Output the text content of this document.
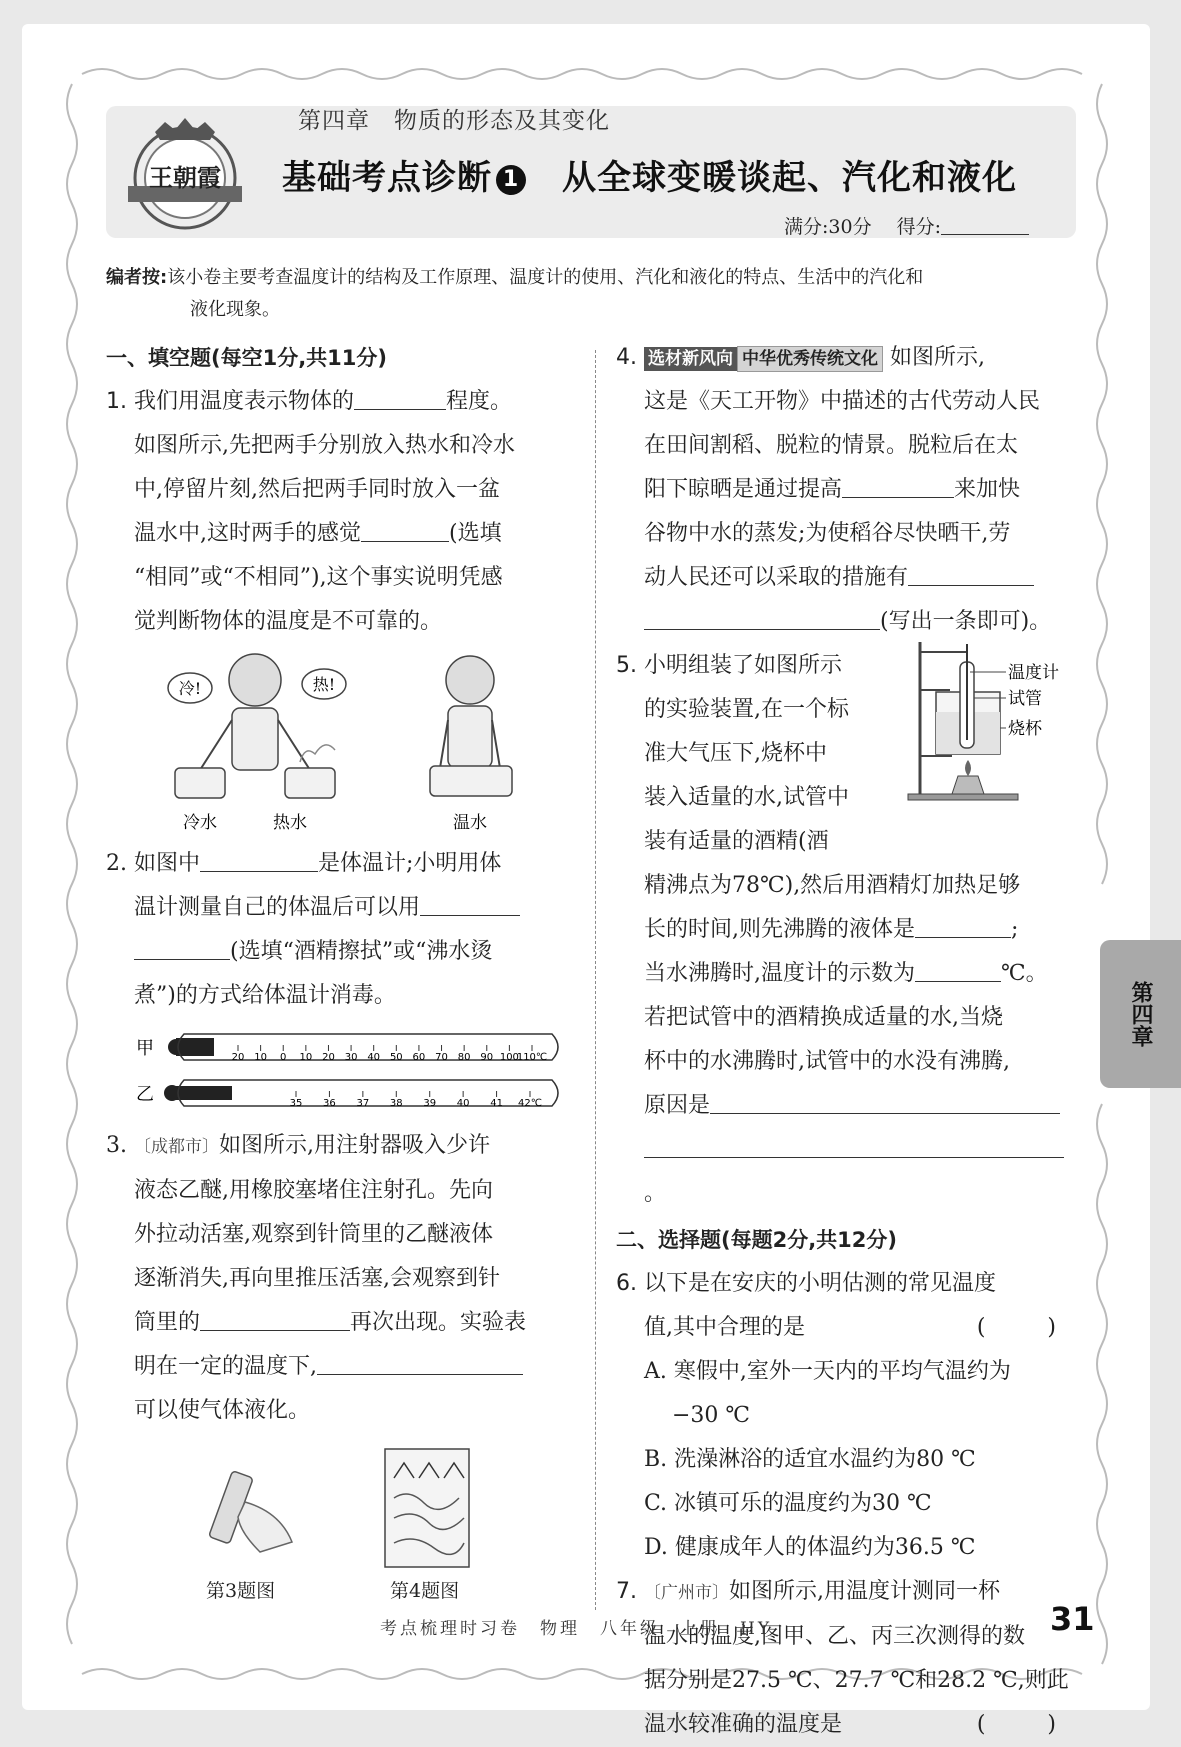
王朝霞
第四章　物质的形态及其变化
基础考点诊断 1 从全球变暖谈起、汽化和液化
满分:30分　 得分:
编者按:该小卷主要考查温度计的结构及工作原理、温度计的使用、汽化和液化的特点、生活中的汽化和
液化现象。
一、填空题(每空1分,共11分)
1. 我们用温度表示物体的	程度。
如图所示,先把两手分别放入热水和冷水
中,停留片刻,然后把两手同时放入一盆
温水中,这时两手的感觉	(选填
“相同”或“不相同”),这个事实说明凭感
觉判断物体的温度是不可靠的。
冷!	热!
冷水	热水	温水
2. 如图中	是体温计;小明用体
温计测量自己的体温后可以用
(选填“酒精擦拭”或“沸水烫
煮”)的方式给体温计消毒。
甲	20 10 0 10 20 30 40 50 60 70 80 90 100
110℃
乙	35 36 37 38 39 40 41 42℃
3. 〔成都市〕如图所示,用注射器吸入少许
液态乙醚,用橡胶塞堵住注射孔。先向
外拉动活塞,观察到针筒里的乙醚液体
逐渐消失,再向里推压活塞,会观察到针
筒里的	再次出现。实验表
明在一定的温度下,
可以使气体液化。
第3题图	第4题图
4. 选材新风向 中华优秀传统文化 如图所示,
这是《天工开物》中描述的古代劳动人民
在田间割稻、脱粒的情景。脱粒后在太
阳下晾晒是通过提高	来加快
谷物中水的蒸发;为使稻谷尽快晒干,劳
动人民还可以采取的措施有
(写出一条即可)。
5. 小明组装了如图所示
的实验装置,在一个标
准大气压下,烧杯中
装入适量的水,试管中
装有适量的酒精(酒
精沸点为78℃),然后用酒精灯加热足够
长的时间,则先沸腾的液体是	;
当水沸腾时,温度计的示数为	℃。
若把试管中的酒精换成适量的水,当烧
杯中的水沸腾时,试管中的水没有沸腾,
原因是
。
二、选择题(每题2分,共12分)
6. 以下是在安庆的小明估测的常见温度
值,其中合理的是	(　)
A. 寒假中,室外一天内的平均气温约为
−30 ℃
B. 洗澡淋浴的适宜水温约为80 ℃
C. 冰镇可乐的温度约为30 ℃
D. 健康成年人的体温约为36.5 ℃
7. 〔广州市〕如图所示,用温度计测同一杯
温水的温度,图甲、乙、丙三次测得的数
据分别是27.5 ℃、27.7 ℃和28.2 ℃,则此
温水较准确的温度是	(　)
温度计
试管
烧杯
第四章
考点梳理时习卷　物理　八年级　上册　HY	31
